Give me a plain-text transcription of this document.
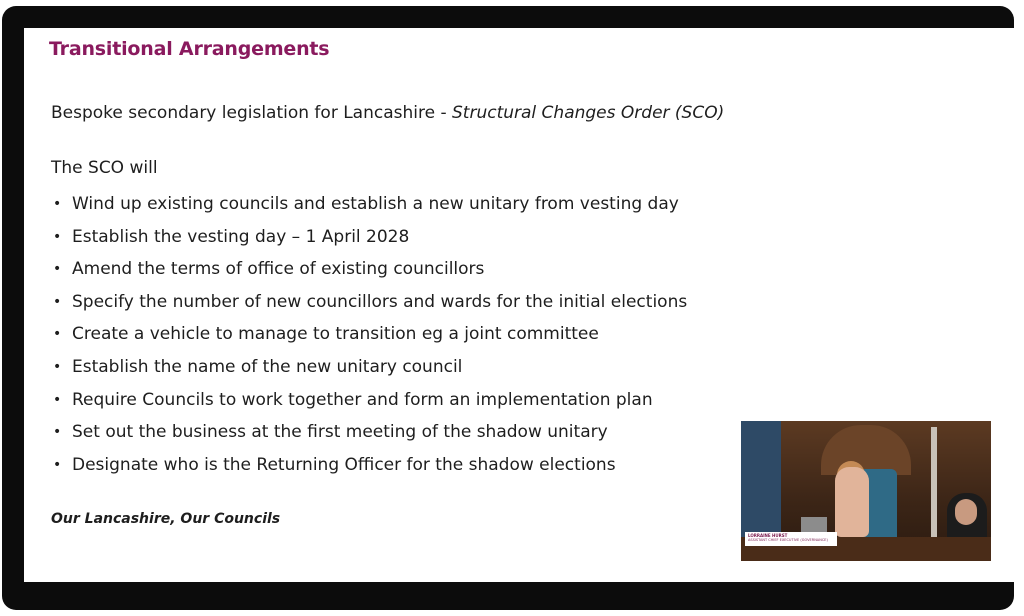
Transitional Arrangements
Bespoke secondary legislation for Lancashire - Structural Changes Order (SCO)
The SCO will
• Wind up existing councils and establish a new unitary from vesting day
• Establish the vesting day – 1 April 2028
• Amend the terms of office of existing councillors
• Specify the number of new councillors and wards for the initial elections
• Create a vehicle to manage to transition eg a joint committee
• Establish the name of the new unitary council
• Require Councils to work together and form an implementation plan
• Set out the business at the first meeting of the shadow unitary
• Designate who is the Returning Officer for the shadow elections
Our Lancashire, Our Councils
LORRAINE HURST
ASSISTANT CHIEF EXECUTIVE (GOVERNANCE)
